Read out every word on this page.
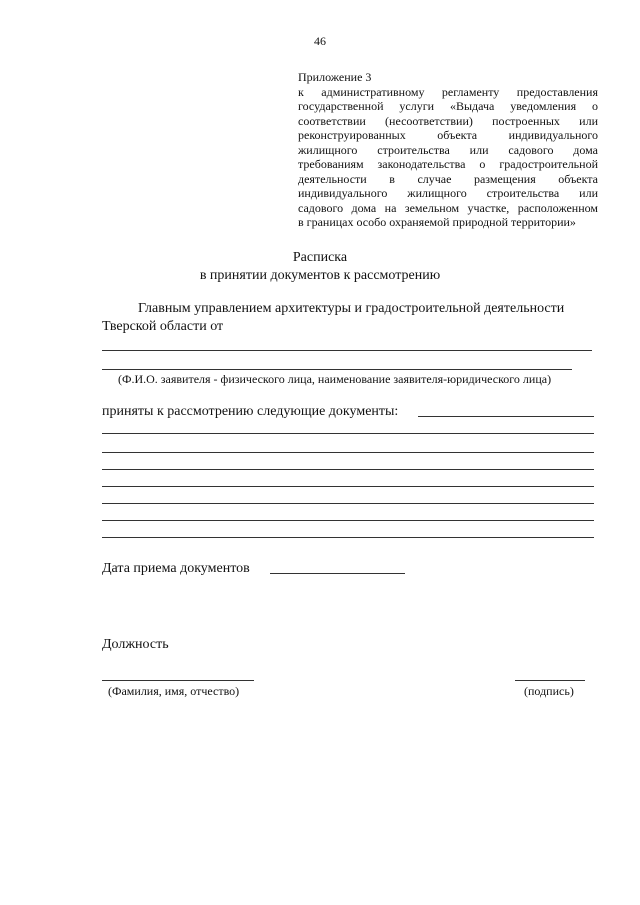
46
Приложение 3
к административному регламенту предоставления
государственной услуги «Выдача уведомления о
соответствии (несоответствии) построенных или
реконструированных объекта индивидуального
жилищного строительства или садового дома
требованиям законодательства о градостроительной
деятельности в случае размещения объекта
индивидуального жилищного строительства или
садового дома на земельном участке, расположенном
в границах особо охраняемой природной территории»
Расписка
в принятии документов к рассмотрению
Главным управлением архитектуры и градостроительной деятельности
Тверской области от
(Ф.И.О. заявителя - физического лица, наименование заявителя-юридического лица)
приняты к рассмотрению следующие документы:
Дата приема документов
Должность
(Фамилия, имя, отчество)	(подпись)
